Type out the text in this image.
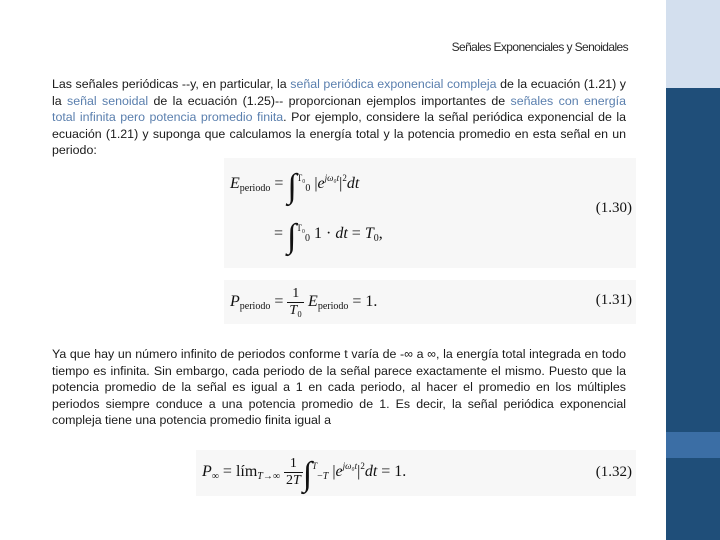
Señales Exponenciales y Senoidales
Las señales periódicas --y, en particular, la señal periódica exponencial compleja de la ecuación (1.21) y la señal senoidal de la ecuación (1.25)-- proporcionan ejemplos importantes de señales con energía total infinita pero potencia promedio finita. Por ejemplo, considere la señal periódica exponencial de la ecuación (1.21) y suponga que calculamos la energía total y la potencia promedio en esta señal en un periodo:
$E_{periodo} = \int^{T_0}_0$ $|e^{j\omega_0t}|^2dt$
= ∫$^{T_0}_0$ 1 · dt = $T_0$,
(1.30)
$P_{periodo} = \frac{1}{\text{T₀}} E_{periodo} = 1$.	(1.31)
Ya que hay un número infinito de periodos conforme t varía de -∞ a ∞, la energía total integrada en todo tiempo es infinita. Sin embargo, cada periodo de la señal parece exactamente el mismo. Puesto que la potencia promedio de la señal es igual a 1 en cada periodo, al hacer el promedio en los múltiples periodos siempre conduce a una potencia promedio de 1. Es decir, la señal periódica exponencial compleja tiene una potencia promedio finita igual a
$P_\infty$ = lím$_{T\to\infty}$ $\frac{1}{2T} \int^T_{-T}$ $|e^{j\omega_0t}|^2dt = 1$.	(1.32)
